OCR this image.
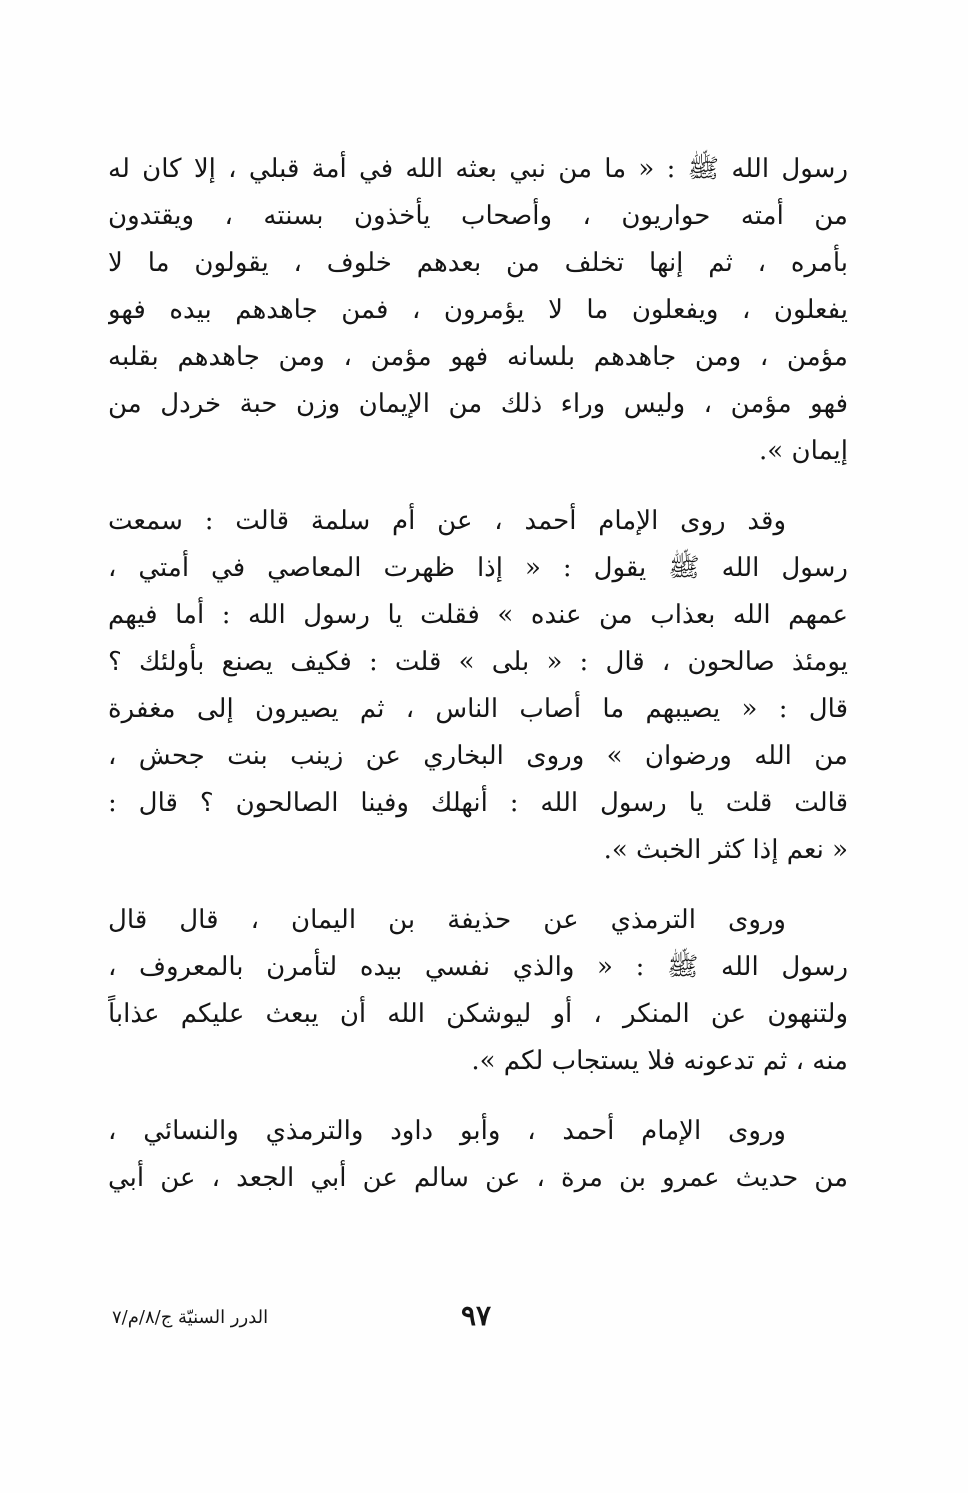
رسول الله ﷺ : « ما من نبي بعثه الله في أمة قبلي ، إلا كان له
من أمته حواريون ، وأصحاب يأخذون بسنته ، ويقتدون
بأمره ، ثم إنها تخلف من بعدهم خلوف ، يقولون ما لا
يفعلون ، ويفعلون ما لا يؤمرون ، فمن جاهدهم بيده فهو
مؤمن ، ومن جاهدهم بلسانه فهو مؤمن ، ومن جاهدهم بقلبه
فهو مؤمن ، وليس وراء ذلك من الإيمان وزن حبة خردل من
إيمان ».
وقد روى الإمام أحمد ، عن أم سلمة قالت : سمعت
رسول الله ﷺ يقول : « إذا ظهرت المعاصي في أمتي ،
عمهم الله بعذاب من عنده » فقلت يا رسول الله : أما فيهم
يومئذ صالحون ، قال : « بلى » قلت : فكيف يصنع بأولئك ؟
قال : « يصيبهم ما أصاب الناس ، ثم يصيرون إلى مغفرة
من الله ورضوان » وروى البخاري عن زينب بنت جحش ،
قالت قلت يا رسول الله : أنهلك وفينا الصالحون ؟ قال :
« نعم إذا كثر الخبث ».
وروى الترمذي عن حذيفة بن اليمان ، قال قال
رسول الله ﷺ : « والذي نفسي بيده لتأمرن بالمعروف ،
ولتنهون عن المنكر ، أو ليوشكن الله أن يبعث عليكم عذاباً
منه ، ثم تدعونه فلا يستجاب لكم ».
وروى الإمام أحمد ، وأبو داود والترمذي والنسائي ،
من حديث عمرو بن مرة ، عن سالم عن أبي الجعد ، عن أبي
٩٧
الدرر السنيّة ج/٨/م/٧
